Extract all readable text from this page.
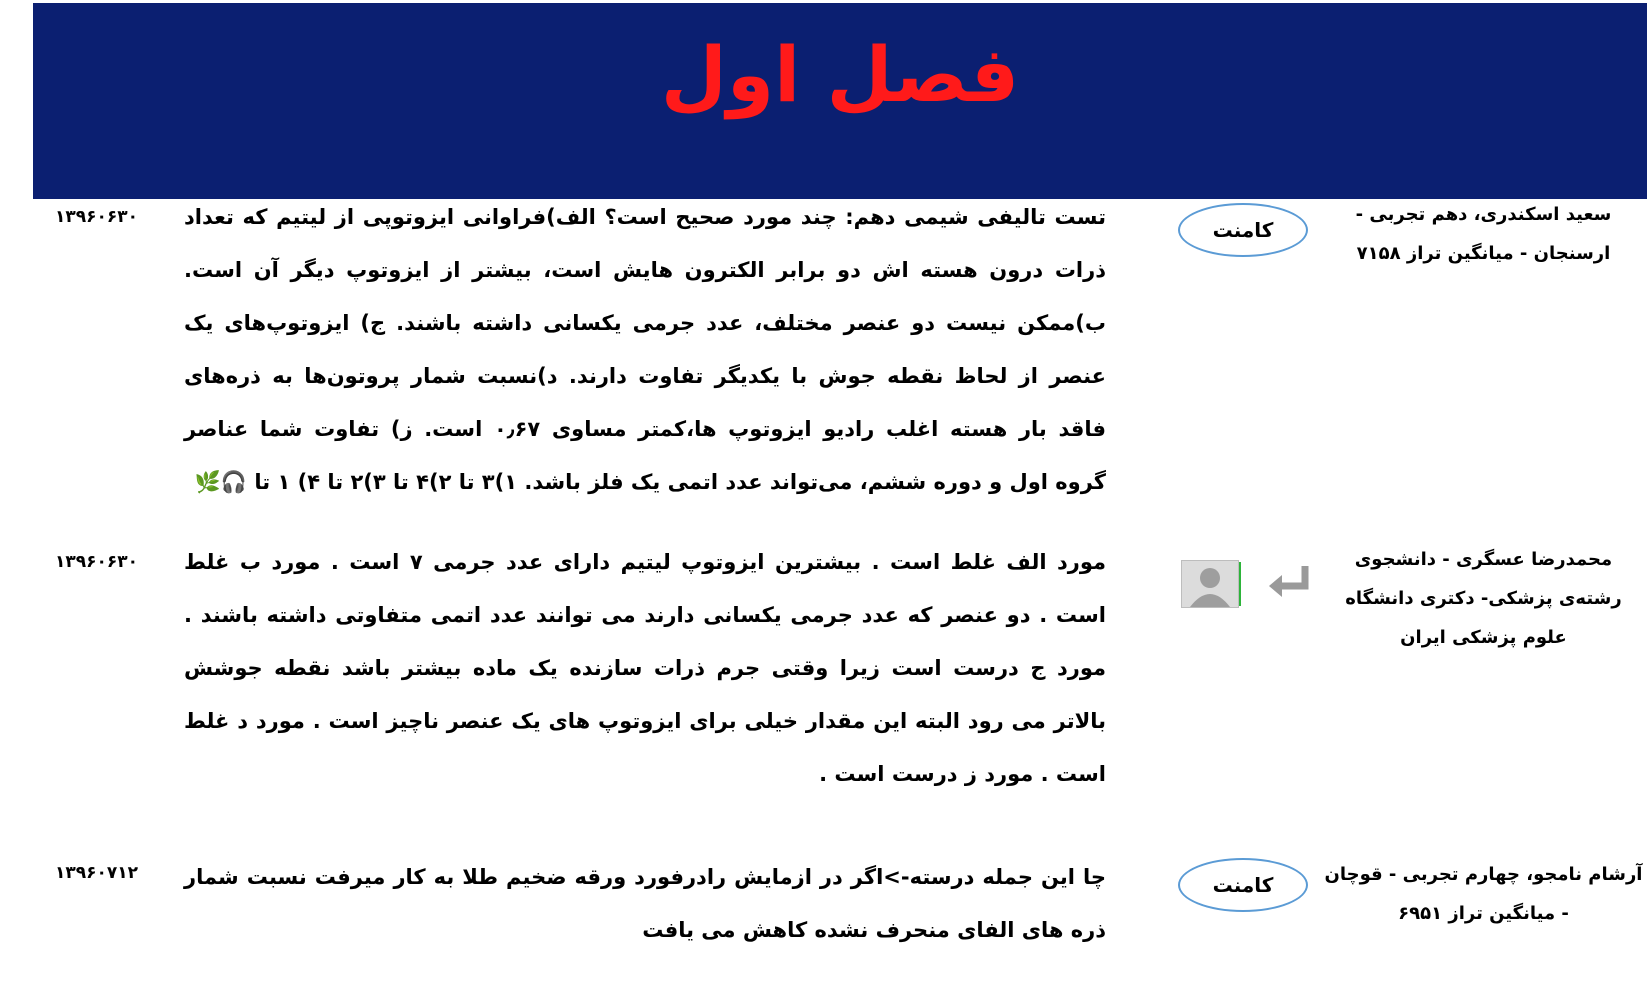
فصل اول
سعید اسکندری، دهم تجربی - ارسنجان - میانگین تراز ۷۱۵۸
کامنت

تست تالیفی شیمی دهم: چند مورد صحیح است؟ الف)فراوانی ایزوتوپی از لیتیم که تعداد ذرات درون هسته اش دو برابر الکترون هایش است، بیشتر از ایزوتوپ دیگر آن است. ب)ممکن نیست دو عنصر مختلف، عدد جرمی یکسانی داشته باشند. ج) ایزوتوپ‌های یک عنصر از لحاظ نقطه جوش با یکدیگر تفاوت دارند. د)نسبت شمار پروتون‌ها به ذره‌های فاقد بار هسته اغلب رادیو ایزوتوپ ها،کمتر مساوی ۰٫۶۷ است. ز) تفاوت شما عناصر گروه اول و دوره ششم، می‌تواند عدد اتمی یک فلز باشد. ۱)۳ تا ۲)۴ تا ۳)۲ تا ۴) ۱ تا 🎧🌿

۱۳۹۶۰۶۳۰
محمدرضا عسگری - دانشجوی رشته‌ی پزشکی- دکتری دانشگاه علوم پزشکی ایران

مورد الف غلط است . بیشترین ایزوتوپ لیتیم دارای عدد جرمی ۷ است . مورد ب غلط است . دو عنصر که عدد جرمی یکسانی دارند می توانند عدد اتمی متفاوتی داشته باشند . مورد ج درست است زیرا وقتی جرم ذرات سازنده یک ماده بیشتر باشد نقطه جوشش بالاتر می رود البته این مقدار خیلی برای ایزوتوپ های یک عنصر ناچیز است . مورد د غلط است . مورد ز درست است .

۱۳۹۶۰۶۳۰
آرشام نامجو، چهارم تجربی - قوچان - میانگین تراز ۶۹۵۱
کامنت

چا این جمله درسته->اگر در ازمایش رادرفورد ورقه ضخیم طلا به کار میرفت نسبت شمار ذره های الفای منحرف نشده کاهش می یافت

۱۳۹۶۰۷۱۲
